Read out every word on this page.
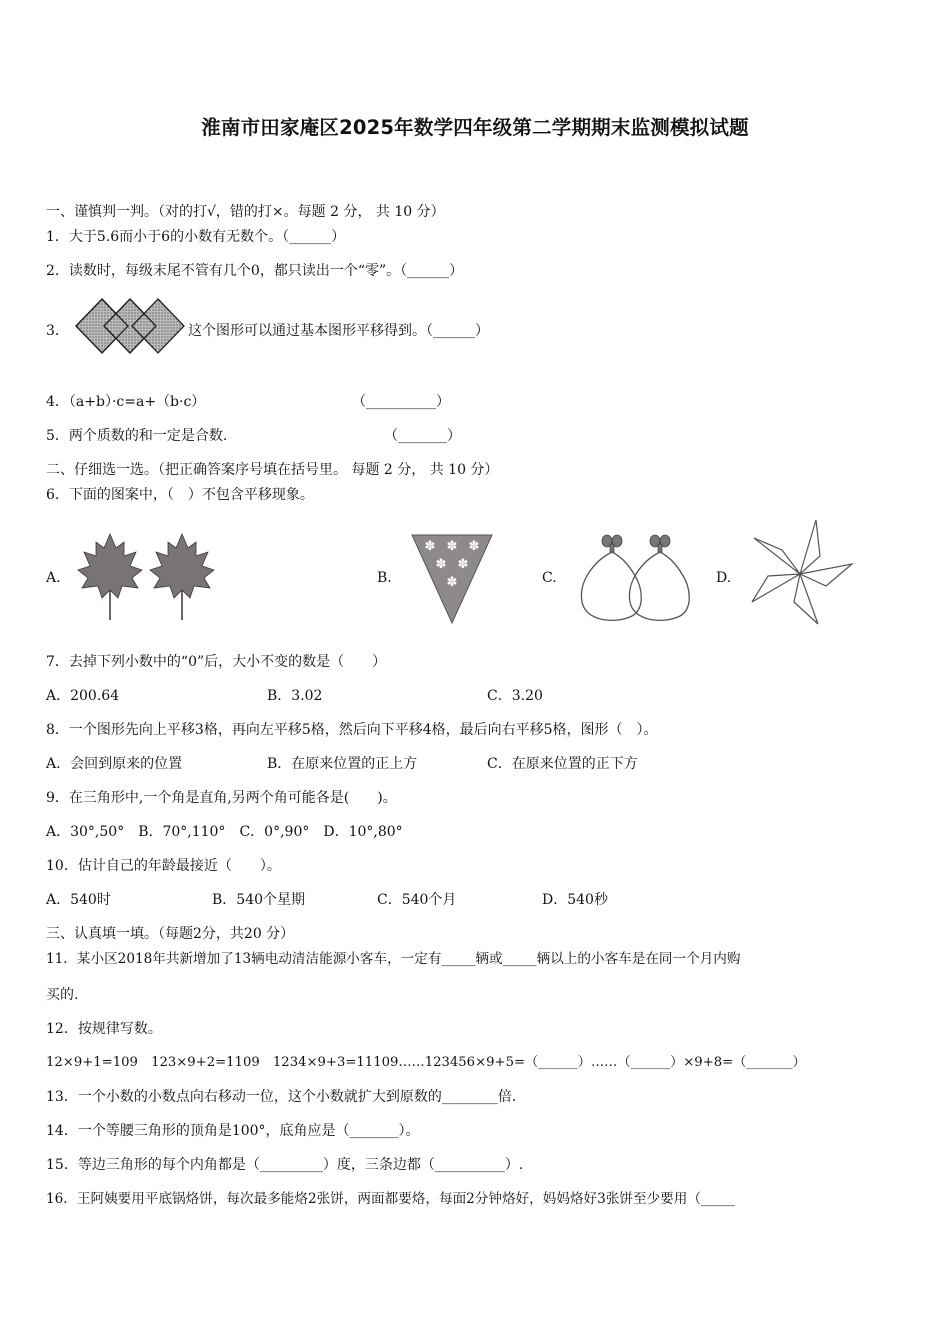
淮南市田家庵区2025年数学四年级第二学期期末监测模拟试题
一、谨慎判一判。（对的打√，错的打×。每题 2 分， 共 10 分）
1．大于5.6而小于6的小数有无数个。（______）
2．读数时，每级末尾不管有几个0，都只读出一个“零”。（______）
3．	这个图形可以通过基本图形平移得到。（______）
4．（a+b）·c=a+（b·c）	（__________）
5．两个质数的和一定是合数.	（_______）
二、仔细选一选。（把正确答案序号填在括号里。 每题 2 分， 共 10 分）
6．下面的图案中，（　）不包含平移现象。
A.	B.
✽ ✽ ✽
✽ ✽
✽	C.	D.
7．去掉下列小数中的“0”后，大小不变的数是（　　）
A．200.64	B．3.02	C．3.20
8．一个图形先向上平移3格，再向左平移5格，然后向下平移4格，最后向右平移5格，图形（　）。
A．会回到原来的位置	B．在原来位置的正上方	C．在原来位置的正下方
9．在三角形中,一个角是直角,另两个角可能各是(　　)。
A．30°,50°　B．70°,110°　C．0°,90°　D．10°,80°
10．估计自己的年龄最接近（　　）。
A．540时	B．540个星期	C．540个月	D．540秒
三、认真填一填。（每题2分，共20 分）
11．某小区2018年共新增加了13辆电动清洁能源小客车，一定有_____辆或_____辆以上的小客车是在同一个月内购
买的.
12．按规律写数。
12×9+1=109　123×9+2=1109　1234×9+3=11109……123456×9+5=（______）……（______）×9+8=（_______）
13．一个小数的小数点向右移动一位，这个小数就扩大到原数的________倍.
14．一个等腰三角形的顶角是100°，底角应是（_______）。
15．等边三角形的每个内角都是（_________）度，三条边都（__________）.
16．王阿姨要用平底锅烙饼，每次最多能烙2张饼，两面都要烙，每面2分钟烙好，妈妈烙好3张饼至少要用（_____
